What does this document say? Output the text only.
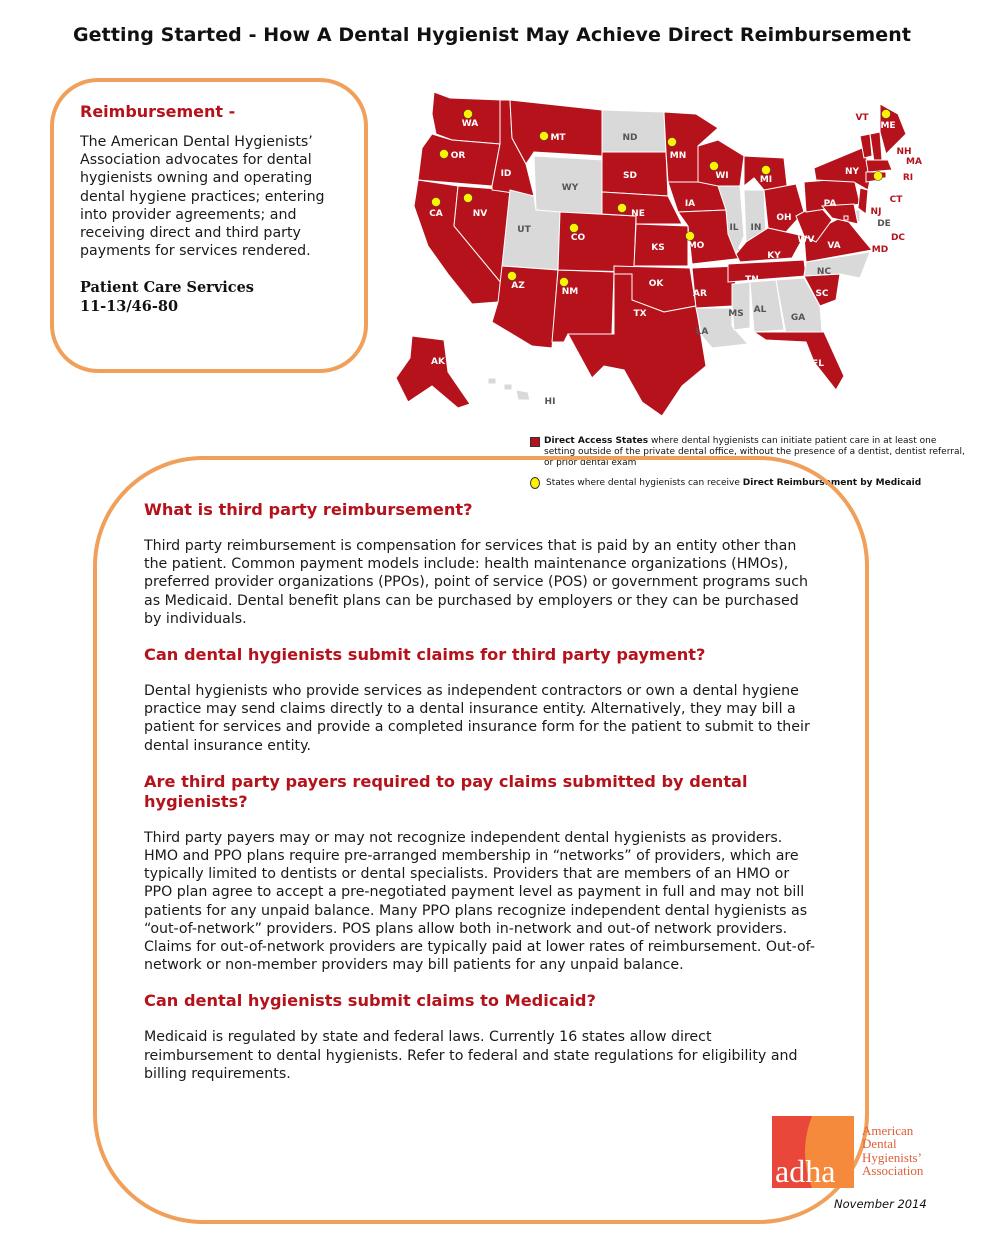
Getting Started - How A Dental Hygienist May Achieve Direct Reimbursement
Reimbursement -
The American Dental Hygienists’ Association advocates for dental hygienists owning and operating dental hygiene practices; entering into provider agreements; and receiving direct and third party payments for services rendered.
Patient Care Services
11-13/46-80
WA
OR
CA	NV
ID
MT
WY
UT
AZ
NM
CO
ND
SD
NE
KS
OK
TX
MN
IA
MO
AR
LA
WI
IL IN
MI
OH
KY
TN
MS AL
GA
FL
SC
NC
VA
WV
PA
NY
VT
NH
ME
MA
RI
CT
NJ
DE
MD
DC
AK
HI
Direct Access States where dental hygienists can initiate patient care in at least one setting outside of the private dental office, without the presence of a dentist, dentist referral, or prior dental exam
States where dental hygienists can receive Direct Reimbursement by Medicaid
What is third party reimbursement?
Third party reimbursement is compensation for services that is paid by an entity other than the patient. Common payment models include: health maintenance organizations (HMOs), preferred provider organizations (PPOs), point of service (POS) or government programs such as Medicaid. Dental benefit plans can be purchased by employers or they can be purchased by individuals.
Can dental hygienists submit claims for third party payment?
Dental hygienists who provide services as independent contractors or own a dental hygiene practice may send claims directly to a dental insurance entity. Alternatively, they may bill a patient for services and provide a completed insurance form for the patient to submit to their dental insurance entity.
Are third party payers required to pay claims submitted by dental hygienists?
Third party payers may or may not recognize independent dental hygienists as providers. HMO and PPO plans require pre-arranged membership in “networks” of providers, which are typically limited to dentists or dental specialists. Providers that are members of an HMO or PPO plan agree to accept a pre-negotiated payment level as payment in full and may not bill patients for any unpaid balance. Many PPO plans recognize independent dental hygienists as “out-of-network” providers. POS plans allow both in-network and out-of network providers. Claims for out-of-network providers are typically paid at lower rates of reimbursement. Out-of-network or non-member providers may bill patients for any unpaid balance.
Can dental hygienists submit claims to Medicaid?
Medicaid is regulated by state and federal laws. Currently 16 states allow direct reimbursement to dental hygienists. Refer to federal and state regulations for eligibility and billing requirements.
adha
American
Dental
Hygienists’
Association
November 2014
